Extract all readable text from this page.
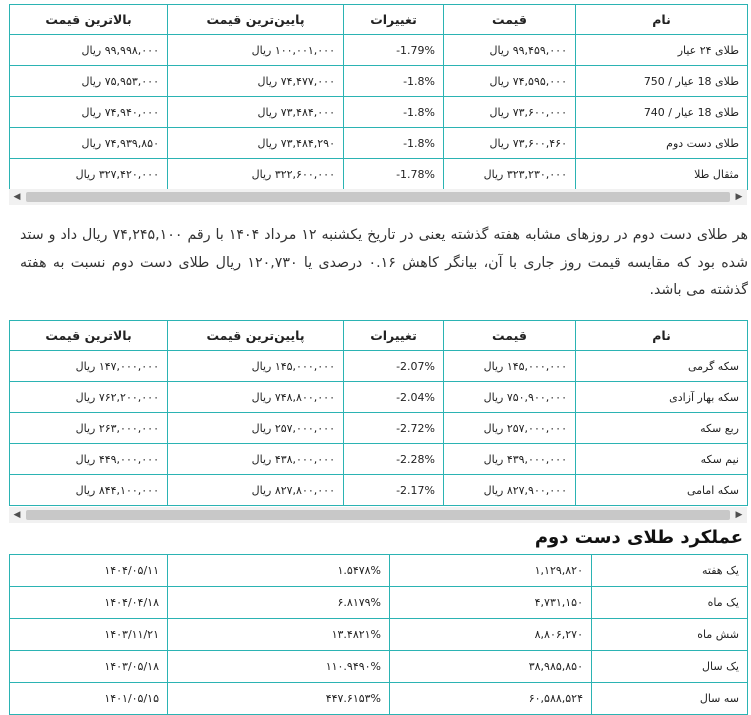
بالاترین قیمت	پایین‌ترین قیمت	تغییرات	قیمت	نام
۹۹,۹۹۸,۰۰۰ ریال	۱۰۰,۰۰۱,۰۰۰ ریال	-1.79%	۹۹,۴۵۹,۰۰۰ ریال	طلای ۲۴ عیار
۷۵,۹۵۳,۰۰۰ ریال	۷۴,۴۷۷,۰۰۰ ریال	-1.8%	۷۴,۵۹۵,۰۰۰ ریال	طلای 18 عیار / 750
۷۴,۹۴۰,۰۰۰ ریال	۷۳,۴۸۴,۰۰۰ ریال	-1.8%	۷۳,۶۰۰,۰۰۰ ریال	طلای 18 عیار / 740
۷۴,۹۳۹,۸۵۰ ریال	۷۳,۴۸۴,۲۹۰ ریال	-1.8%	۷۳,۶۰۰,۴۶۰ ریال	طلای دست دوم
۳۲۷,۴۲۰,۰۰۰ ریال	۳۲۲,۶۰۰,۰۰۰ ریال	-1.78%	۳۲۳,۲۳۰,۰۰۰ ریال	مثقال طلا
◀	▶

هر طلای دست دوم در روزهای مشابه هفته گذشته یعنی در تاریخ یکشنبه ۱۲ مرداد ۱۴۰۴ با رقم ۷۴,۲۴۵,۱۰۰ ریال داد و ستد شده بود که مقایسه قیمت روز جاری با آن، بیانگر کاهش ۰.۱۶ درصدی یا ۱۲۰,۷۳۰ ریال طلای دست دوم نسبت به هفته گذشته می باشد.

بالاترین قیمت	پایین‌ترین قیمت	تغییرات	قیمت	نام
۱۴۷,۰۰۰,۰۰۰ ریال	۱۴۵,۰۰۰,۰۰۰ ریال	-2.07%	۱۴۵,۰۰۰,۰۰۰ ریال	سکه گرمی
۷۶۲,۲۰۰,۰۰۰ ریال	۷۴۸,۸۰۰,۰۰۰ ریال	-2.04%	۷۵۰,۹۰۰,۰۰۰ ریال	سکه بهار آزادی
۲۶۳,۰۰۰,۰۰۰ ریال	۲۵۷,۰۰۰,۰۰۰ ریال	-2.72%	۲۵۷,۰۰۰,۰۰۰ ریال	ربع سکه
۴۴۹,۰۰۰,۰۰۰ ریال	۴۳۸,۰۰۰,۰۰۰ ریال	-2.28%	۴۳۹,۰۰۰,۰۰۰ ریال	نیم سکه
۸۴۴,۱۰۰,۰۰۰ ریال	۸۲۷,۸۰۰,۰۰۰ ریال	-2.17%	۸۲۷,۹۰۰,۰۰۰ ریال	سکه امامی
◀	▶
عملکرد طلای دست دوم
۱۴۰۴/۰۵/۱۱	۱.۵۴۷۸%	۱,۱۲۹,۸۲۰	یک هفته
۱۴۰۴/۰۴/۱۸	۶.۸۱۷۹%	۴,۷۳۱,۱۵۰	یک ماه
۱۴۰۳/۱۱/۲۱	۱۳.۴۸۲۱%	۸,۸۰۶,۲۷۰	شش ماه
۱۴۰۳/۰۵/۱۸	۱۱۰.۹۴۹۰%	۳۸,۹۸۵,۸۵۰	یک سال
۱۴۰۱/۰۵/۱۵	۴۴۷.۶۱۵۳%	۶۰,۵۸۸,۵۲۴	سه سال
